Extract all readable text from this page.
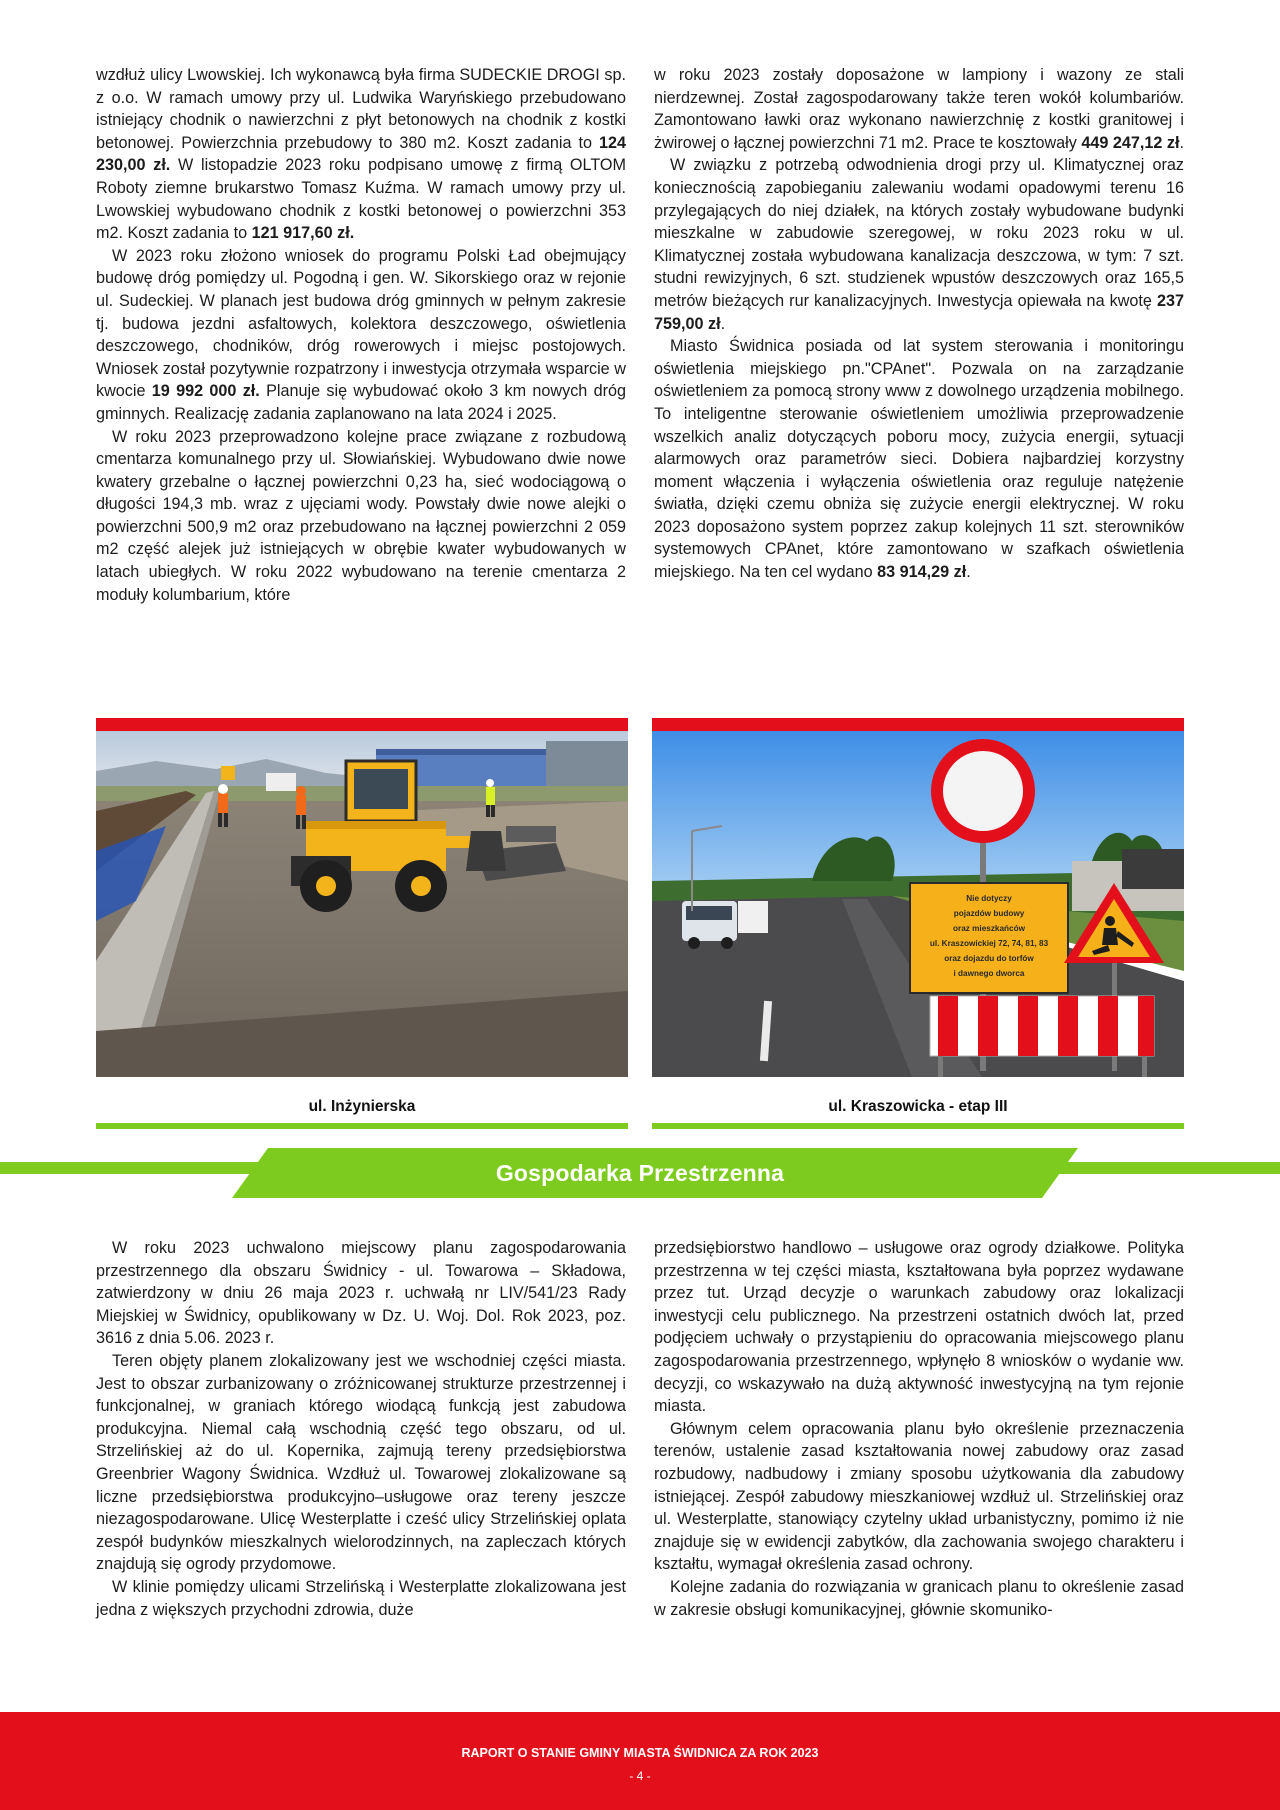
wzdłuż ulicy Lwowskiej. Ich wykonawcą była firma SUDECKIE DROGI sp. z o.o. W ramach umowy przy ul. Ludwika Waryńskiego przebudowano istniejący chodnik o nawierzchni z płyt betonowych na chodnik z kostki betonowej. Powierzchnia przebudowy to 380 m2. Koszt zadania to 124 230,00 zł. W listopadzie 2023 roku podpisano umowę z firmą OLTOM Roboty ziemne brukarstwo Tomasz Kuźma. W ramach umowy przy ul. Lwowskiej wybudowano chodnik z kostki betonowej o powierzchni 353 m2. Koszt zadania to 121 917,60 zł.

W 2023 roku złożono wniosek do programu Polski Ład obejmujący budowę dróg pomiędzy ul. Pogodną i gen. W. Sikorskiego oraz w rejonie ul. Sudeckiej. W planach jest budowa dróg gminnych w pełnym zakresie tj. budowa jezdni asfaltowych, kolektora deszczowego, oświetlenia deszczowego, chodników, dróg rowerowych i miejsc postojowych. Wniosek został pozytywnie rozpatrzony i inwestycja otrzymała wsparcie w kwocie 19 992 000 zł. Planuje się wybudować około 3 km nowych dróg gminnych. Realizację zadania zaplanowano na lata 2024 i 2025.

W roku 2023 przeprowadzono kolejne prace związane z rozbudową cmentarza komunalnego przy ul. Słowiańskiej. Wybudowano dwie nowe kwatery grzebalne o łącznej powierzchni 0,23 ha, sieć wodociągową o długości 194,3 mb. wraz z ujęciami wody. Powstały dwie nowe alejki o powierzchni 500,9 m2 oraz przebudowano na łącznej powierzchni 2 059 m2 część alejek już istniejących w obrębie kwater wybudowanych w latach ubiegłych. W roku 2022 wybudowano na terenie cmentarza 2 moduły kolumbarium, które

w roku 2023 zostały doposażone w lampiony i wazony ze stali nierdzewnej. Został zagospodarowany także teren wokół kolumbariów. Zamontowano ławki oraz wykonano nawierzchnię z kostki granitowej i żwirowej o łącznej powierzchni 71 m2. Prace te kosztowały 449 247,12 zł.

W związku z potrzebą odwodnienia drogi przy ul. Klimatycznej oraz koniecznością zapobieganiu zalewaniu wodami opadowymi terenu 16 przylegających do niej działek, na których zostały wybudowane budynki mieszkalne w zabudowie szeregowej, w roku 2023 roku w ul. Klimatycznej została wybudowana kanalizacja deszczowa, w tym: 7 szt. studni rewizyjnych, 6 szt. studzienek wpustów deszczowych oraz 165,5 metrów bieżących rur kanalizacyjnych. Inwestycja opiewała na kwotę 237 759,00 zł.

Miasto Świdnica posiada od lat system sterowania i monitoringu oświetlenia miejskiego pn."CPAnet". Pozwala on na zarządzanie oświetleniem za pomocą strony www z dowolnego urządzenia mobilnego. To inteligentne sterowanie oświetleniem umożliwia przeprowadzenie wszelkich analiz dotyczących poboru mocy, zużycia energii, sytuacji alarmowych oraz parametrów sieci. Dobiera najbardziej korzystny moment włączenia i wyłączenia oświetlenia oraz reguluje natężenie światła, dzięki czemu obniża się zużycie energii elektrycznej. W roku 2023 doposażono system poprzez zakup kolejnych 11 szt. sterowników systemowych CPAnet, które zamontowano w szafkach oświetlenia miejskiego. Na ten cel wydano 83 914,29 zł.

ul. Inżynierska
Nie dotyczy
pojazdów budowy
oraz mieszkańców
ul. Kraszowickiej 72, 74, 81, 83
oraz dojazdu do torfów
i dawnego dworca
ul. Kraszowicka - etap III
Gospodarka Przestrzenna

W roku 2023 uchwalono miejscowy planu zagospodarowania przestrzennego dla obszaru Świdnicy - ul. Towarowa – Składowa, zatwierdzony w dniu 26 maja 2023 r. uchwałą nr LIV/541/23 Rady Miejskiej w Świdnicy, opublikowany w Dz. U. Woj. Dol. Rok 2023, poz. 3616 z dnia 5.06. 2023 r.

Teren objęty planem zlokalizowany jest we wschodniej części miasta. Jest to obszar zurbanizowany o zróżnicowanej strukturze przestrzennej i funkcjonalnej, w graniach którego wiodącą funkcją jest zabudowa produkcyjna. Niemal całą wschodnią część tego obszaru, od ul. Strzelińskiej aż do ul. Kopernika, zajmują tereny przedsiębiorstwa Greenbrier Wagony Świdnica. Wzdłuż ul. Towarowej zlokalizowane są liczne przedsiębiorstwa produkcyjno–usługowe oraz tereny jeszcze niezagospodarowane. Ulicę Westerplatte i cześć ulicy Strzelińskiej oplata zespół budynków mieszkalnych wielorodzinnych, na zapleczach których znajdują się ogrody przydomowe.

W klinie pomiędzy ulicami Strzelińską i Westerplatte zlokalizowana jest jedna z większych przychodni zdrowia, duże

przedsiębiorstwo handlowo – usługowe oraz ogrody działkowe. Polityka przestrzenna w tej części miasta, kształtowana była poprzez wydawane przez tut. Urząd decyzje o warunkach zabudowy oraz lokalizacji inwestycji celu publicznego. Na przestrzeni ostatnich dwóch lat, przed podjęciem uchwały o przystąpieniu do opracowania miejscowego planu zagospodarowania przestrzennego, wpłynęło 8 wniosków o wydanie ww. decyzji, co wskazywało na dużą aktywność inwestycyjną na tym rejonie miasta.

Głównym celem opracowania planu było określenie przeznaczenia terenów, ustalenie zasad kształtowania nowej zabudowy oraz zasad rozbudowy, nadbudowy i zmiany sposobu użytkowania dla zabudowy istniejącej. Zespół zabudowy mieszkaniowej wzdłuż ul. Strzelińskiej oraz ul. Westerplatte, stanowiący czytelny układ urbanistyczny, pomimo iż nie znajduje się w ewidencji zabytków, dla zachowania swojego charakteru i kształtu, wymagał określenia zasad ochrony.

Kolejne zadania do rozwiązania w granicach planu to określenie zasad w zakresie obsługi komunikacyjnej, głównie skomuniko-

RAPORT O STANIE GMINY MIASTA ŚWIDNICA ZA ROK 2023
- 4 -
